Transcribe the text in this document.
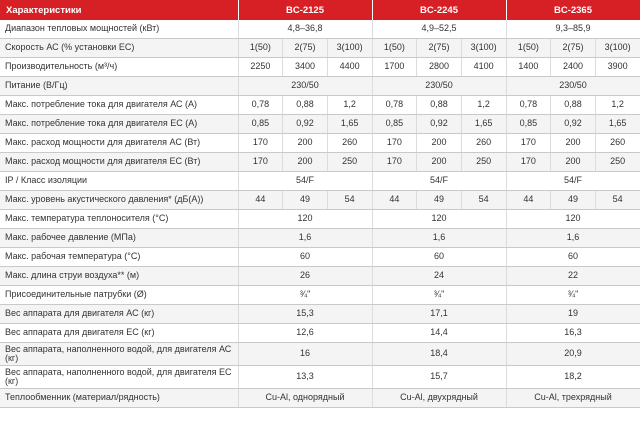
Характеристики	BC-2125			BC-2245			BC-2365		
Диапазон тепловых мощностей (кВт)	4,8–36,8			4,9–52,5			9,3–85,9		
Скорость АС (% установки ЕС)	1(50)	2(75)	3(100)	1(50)	2(75)	3(100)	1(50)	2(75)	3(100)
Производительность (м³/ч)	2250	3400	4400	1700	2800	4100	1400	2400	3900
Питание (В/Гц)	230/50			230/50			230/50		
Макс. потребление тока для двигателя АС (А)	0,78	0,88	1,2	0,78	0,88	1,2	0,78	0,88	1,2
Макс. потребление тока для двигателя ЕС (А)	0,85	0,92	1,65	0,85	0,92	1,65	0,85	0,92	1,65
Макс. расход мощности для двигателя АС (Вт)	170	200	260	170	200	260	170	200	260
Макс. расход мощности для двигателя ЕС (Вт)	170	200	250	170	200	250	170	200	250
IP / Класс изоляции	54/F			54/F			54/F		
Макс. уровень акустического давления* (дБ(А))	44	49	54	44	49	54	44	49	54
Макс. температура теплоносителя (°С)	120			120			120		
Макс. рабочее давление (МПа)	1,6			1,6			1,6		
Макс. рабочая температура (°С)	60			60			60		
Макс. длина струи воздуха** (м)	26			24			22		
Присоединительные патрубки (Ø)	¾"			¾"			¾"		
Вес аппарата для двигателя АС (кг)	15,3			17,1			19		
Вес аппарата для двигателя ЕС (кг)	12,6			14,4			16,3		
Вес аппарата, наполненного водой, для двигателя АС (кг)	16			18,4			20,9		
Вес аппарата, наполненного водой, для двигателя ЕС (кг)	13,3			15,7			18,2		
Теплообменник (материал/рядность)	Cu-Al, однорядный			Cu-Al, двухрядный			Cu-Al, трехрядный		
